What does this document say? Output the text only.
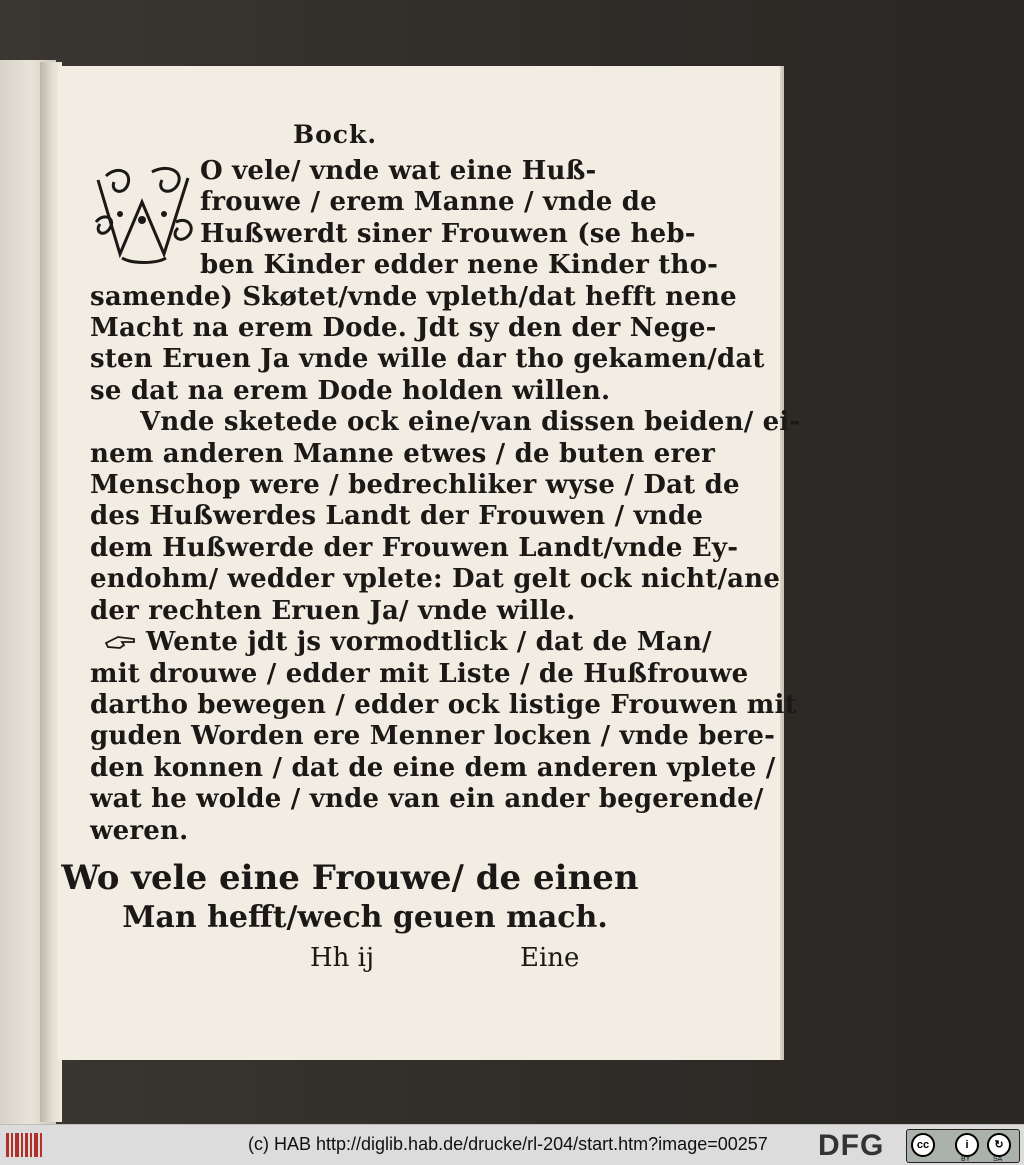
Bock.
O vele/ vnde wat eine Huß-
frouwe / erem Manne / vnde de
Hußwerdt siner Frouwen (se heb-
ben Kinder edder nene Kinder tho-
samende) Skøtet/vnde vpleth/dat hefft nene
Macht na erem Dode. Jdt sy den der Nege-
sten Eruen Ja vnde wille dar tho gekamen/dat
se dat na erem Dode holden willen.
Vnde sketede ock eine/van dissen beiden/ ei-
nem anderen Manne etwes / de buten erer
Menschop were / bedrechliker wyse / Dat de
des Hußwerdes Landt der Frouwen / vnde
dem Hußwerde der Frouwen Landt/vnde Ey-
endohm/ wedder vplete: Dat gelt ock nicht/ane
der rechten Eruen Ja/ vnde wille.
Wente jdt js vormodtlick / dat de Man/
mit drouwe / edder mit Liste / de Hußfrouwe
dartho bewegen / edder ock listige Frouwen mit
guden Worden ere Menner locken / vnde bere-
den konnen / dat de eine dem anderen vplete /
wat he wolde / vnde van ein ander begerende/
weren.
Wo vele eine Frouwe/ de einen
Man hefft/wech geuen mach.
Hh ij	Eine
(c) HAB http://diglib.hab.de/drucke/rl-204/start.htm?image=00257 DFG	cc	i	↻
BY	SA
